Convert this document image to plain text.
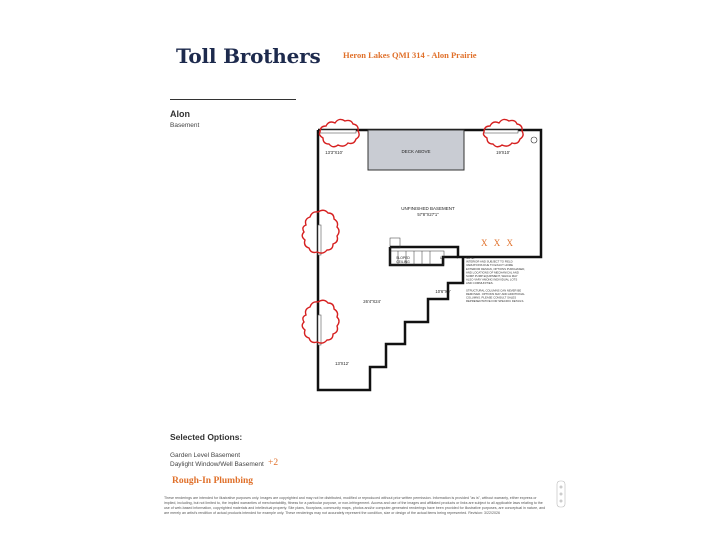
Toll Brothers	Heron Lakes QMI 314 - Alon Prairie
Alon
Basement
DECK ABOVE
13'3"X10'	19'X10'
UNFINISHED BASEMENT
57'8"X27'1"
SLOPED
CEILING
UP
10'6"X9'
26'4"X24'
13'X12'
X X X
NOTE:
INTERIOR AND SUBJECT TO FIELD
VARIATIONS DUE TO EXACT HOME
EXTERIOR DESIGN, OPTIONS PURCHASED,
AND LOCATIONS OF MECHANICAL AND
SUMP PUMP EQUIPMENT, WHICH MAY
ALSO VARY AMONG INDIVIDUAL LOTS
AND COMMUNITIES.
STRUCTURAL COLUMNS CAN NEVER BE
REMOVED. OPTIONS MAY ADD ADDITIONAL
COLUMNS. PLEASE CONSULT SALES
REPRESENTATIVE FOR SPECIFIC DETAILS.
Selected Options:
Garden Level Basement
Daylight Window/Well Basement +2
Rough-In Plumbing
These renderings are intended for illustrative purposes only. Images are copyrighted and may not be distributed, modified or reproduced without prior written permission. Information is provided "as is", without warranty, either express or implied, including, but not limited to, the implied warranties of merchantability, fitness for a particular purpose, or non-infringement. Access and use of the images and affiliated products or links are subject to all applicable laws relating to the use of web-based information, copyrighted materials and intellectual property. Site plans, floorplans, community maps, photos and/or computer-generated renderings have been provided for illustrative purposes, are conceptual in nature, and are merely an artist's rendition of actual products intended for example only. These renderings may not accurately represent the condition, size or design of the actual items being represented. Revision: 3/22/2026
